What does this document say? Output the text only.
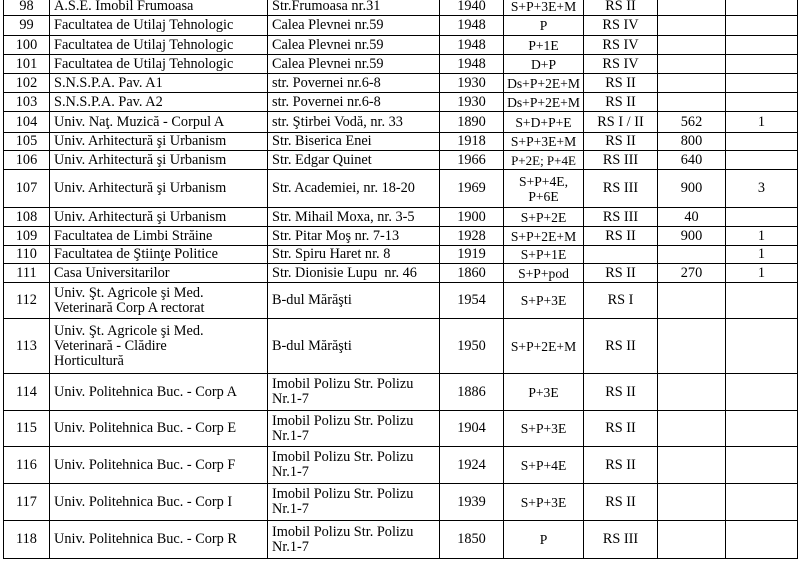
98	A.S.E. Imobil Frumoasa	Str.Frumoasa nr.31	1940	S+P+3E+M	RS II		
99	Facultatea de Utilaj Tehnologic	Calea Plevnei nr.59	1948	P	RS IV		
100	Facultatea de Utilaj Tehnologic	Calea Plevnei nr.59	1948	P+1E	RS IV		
101	Facultatea de Utilaj Tehnologic	Calea Plevnei nr.59	1948	D+P	RS IV		
102	S.N.S.P.A. Pav. A1	str. Povernei nr.6-8	1930	Ds+P+2E+M	RS II		
103	S.N.S.P.A. Pav. A2	str. Povernei nr.6-8	1930	Ds+P+2E+M	RS II		
104	Univ. Naţ. Muzică - Corpul A	str. Ştirbei Vodă, nr. 33	1890	S+D+P+E	RS I / II	562	1
105	Univ. Arhitectură şi Urbanism	Str. Biserica Enei	1918	S+P+3E+M	RS II	800	
106	Univ. Arhitectură şi Urbanism	Str. Edgar Quinet	1966	P+2E; P+4E	RS III	640	
107	Univ. Arhitectură şi Urbanism	Str. Academiei, nr. 18-20	1969	S+P+4E, P+6E	RS III	900	3
108	Univ. Arhitectură şi Urbanism	Str. Mihail Moxa, nr. 3-5	1900	S+P+2E	RS III	40	
109	Facultatea de Limbi Străine	Str. Pitar Moş nr. 7-13	1928	S+P+2E+M	RS II	900	1
110	Facultatea de Ştiinţe Politice	Str. Spiru Haret nr. 8	1919	S+P+1E			1
111	Casa Universitarilor	Str. Dionisie Lupu  nr. 46	1860	S+P+pod	RS II	270	1
112	Univ. Şt. Agricole şi Med. Veterinară Corp A rectorat	B-dul Mărăşti	1954	S+P+3E	RS I		
113	Univ. Şt. Agricole şi Med. Veterinară - Clădire Horticultură	B-dul Mărăşti	1950	S+P+2E+M	RS II		
114	Univ. Politehnica Buc. - Corp A	Imobil Polizu Str. Polizu Nr.1-7	1886	P+3E	RS II		
115	Univ. Politehnica Buc. - Corp E	Imobil Polizu Str. Polizu Nr.1-7	1904	S+P+3E	RS II		
116	Univ. Politehnica Buc. - Corp F	Imobil Polizu Str. Polizu Nr.1-7	1924	S+P+4E	RS II		
117	Univ. Politehnica Buc. - Corp I	Imobil Polizu Str. Polizu Nr.1-7	1939	S+P+3E	RS II		
118	Univ. Politehnica Buc. - Corp R	Imobil Polizu Str. Polizu Nr.1-7	1850	P	RS III		
